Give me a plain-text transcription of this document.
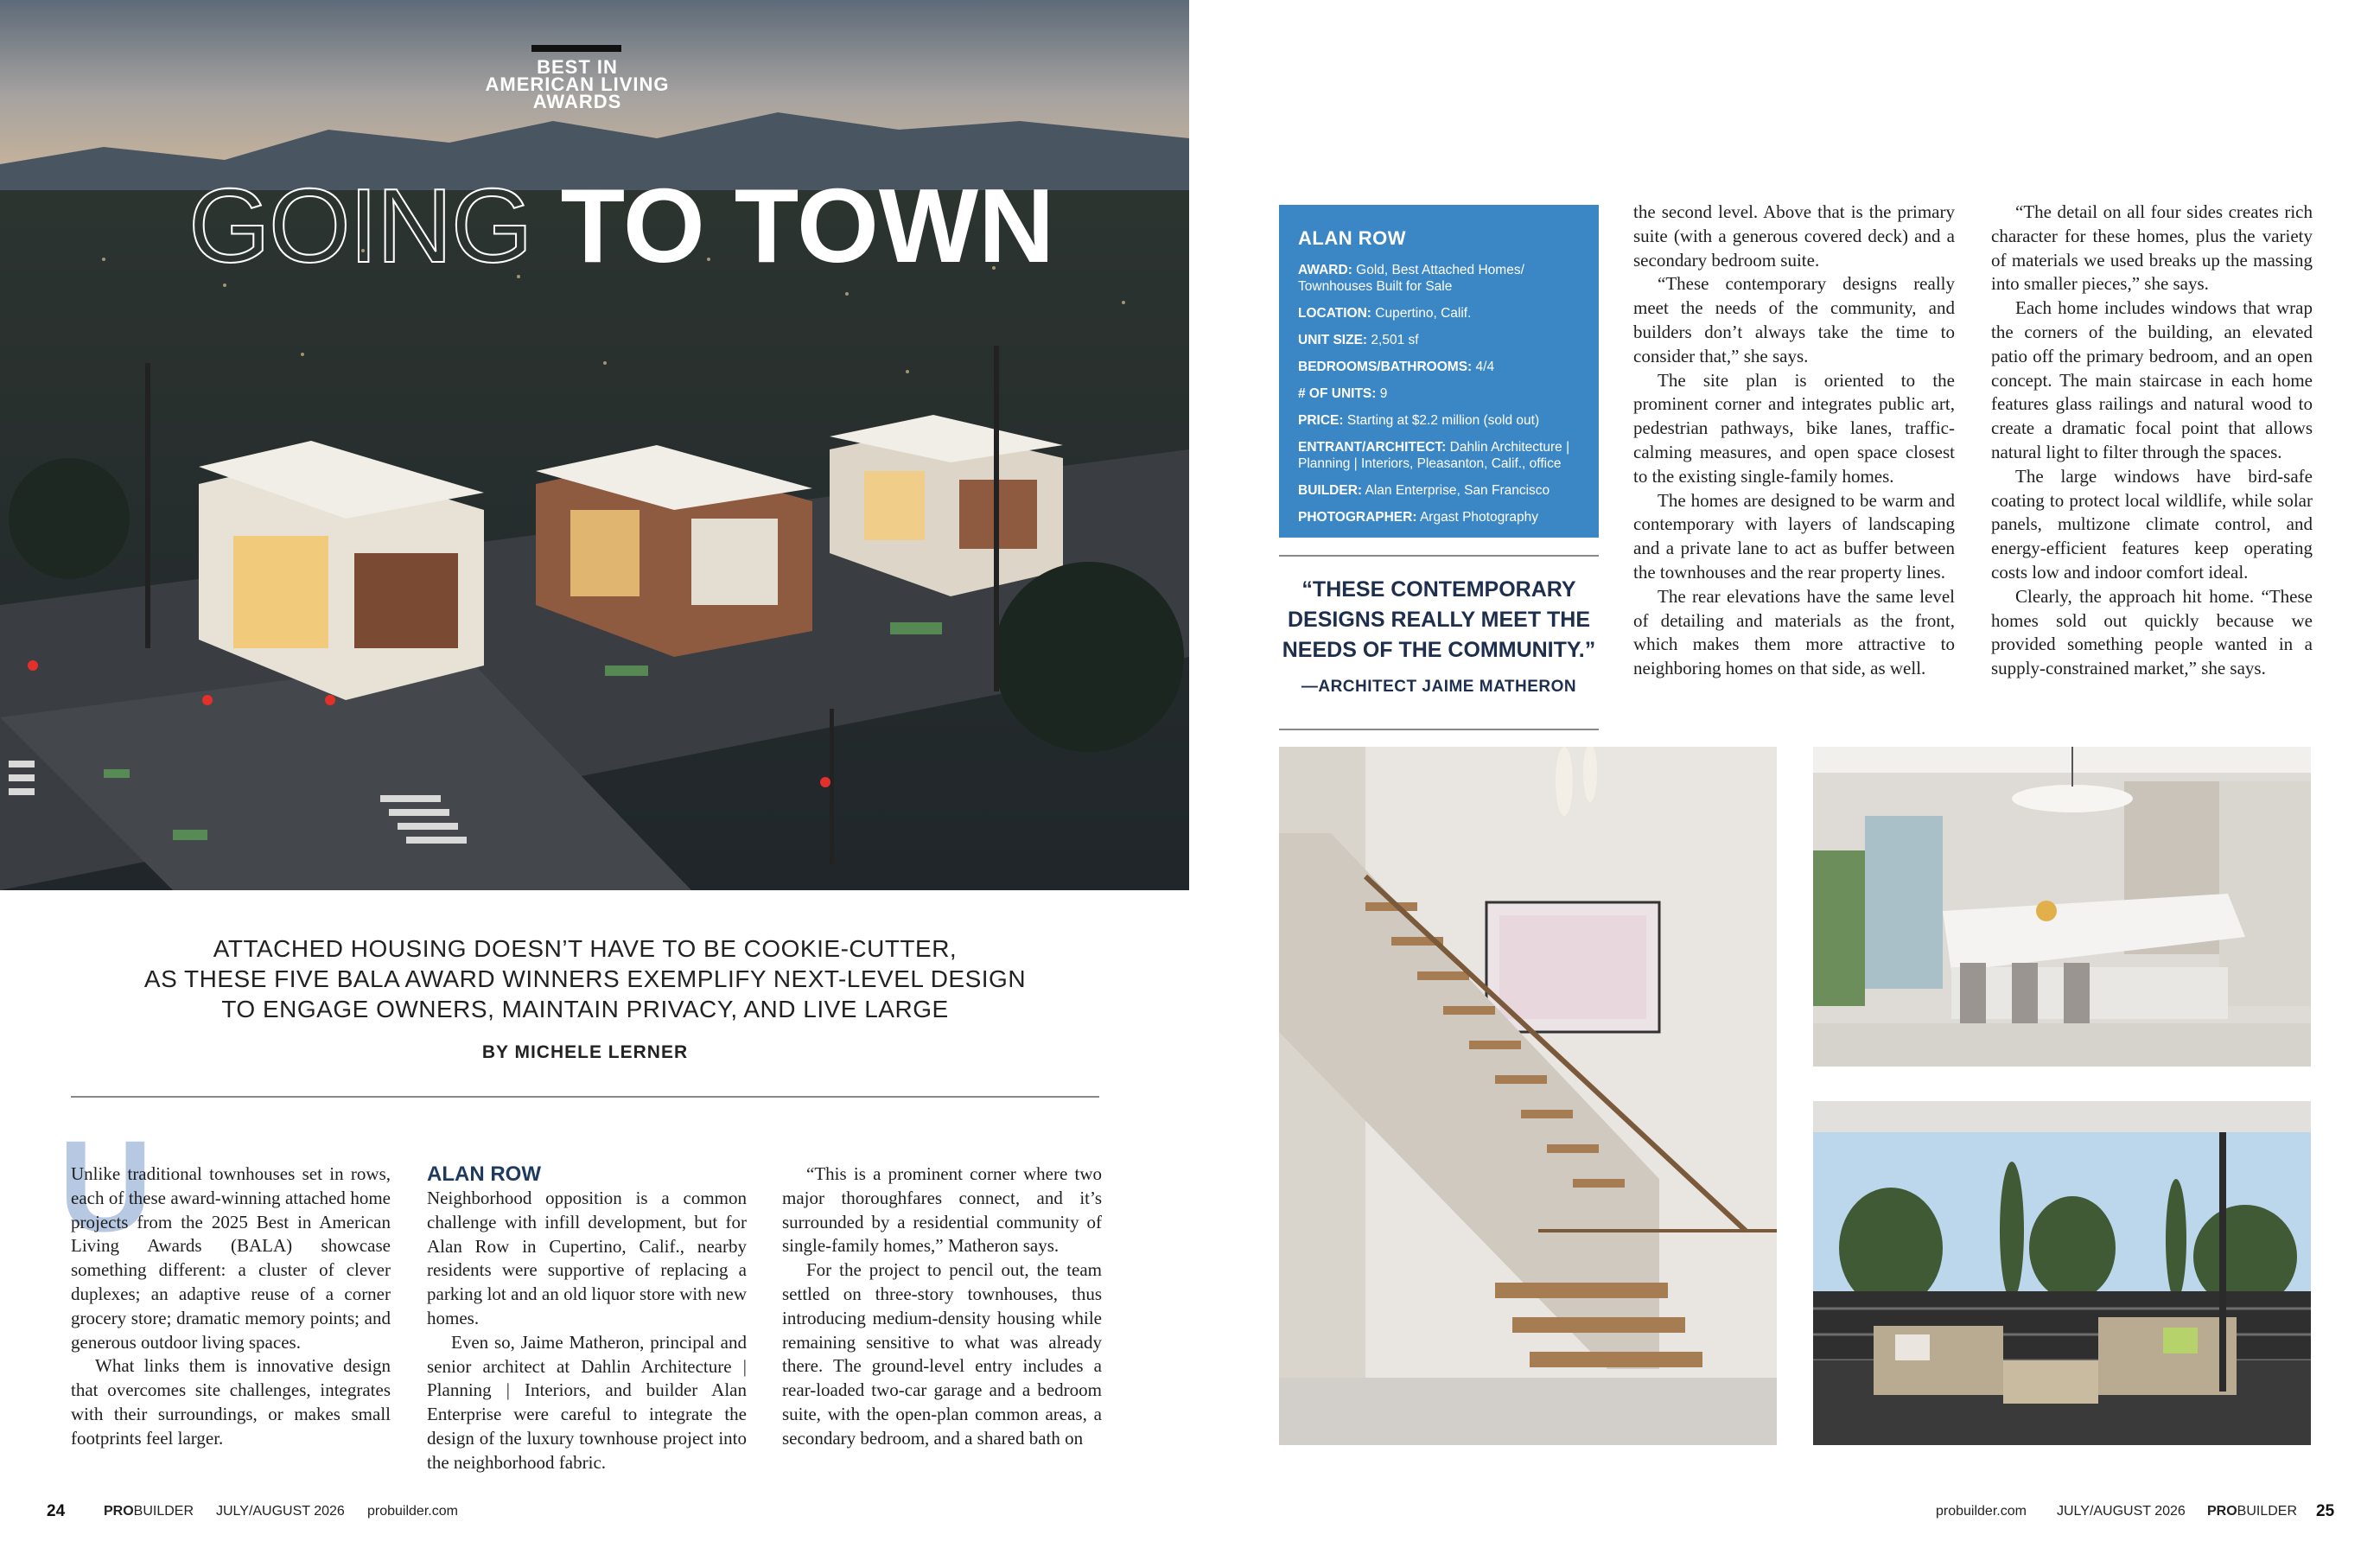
BEST IN
AMERICAN LIVING
AWARDS
GOING TO TOWN
ATTACHED HOUSING DOESN’T HAVE TO BE COOKIE-CUTTER,
AS THESE FIVE BALA AWARD WINNERS EXEMPLIFY NEXT-LEVEL DESIGN
TO ENGAGE OWNERS, MAINTAIN PRIVACY, AND LIVE LARGE
BY MICHELE LERNER
U

Unlike traditional townhouses set in rows, each of these award-winning attached home projects from the 2025 Best in American Living Awards (BALA) showcase something different: a cluster of clever duplexes; an adaptive reuse of a corner grocery store; dramatic memory points; and generous outdoor living spaces.

What links them is innovative design that overcomes site challenges, integrates with their surroundings, or makes small footprints feel larger.

ALAN ROW

Neighborhood opposition is a common challenge with infill development, but for Alan Row in Cupertino, Calif., nearby residents were supportive of replacing a parking lot and an old liquor store with new homes.

Even so, Jaime Matheron, principal and senior architect at Dahlin Architecture | Planning | Interiors, and builder Alan Enterprise were careful to integrate the design of the luxury townhouse project into the neighborhood fabric.

“This is a prominent corner where two major thoroughfares connect, and it’s surrounded by a residential community of single-family homes,” Matheron says.

For the project to pencil out, the team settled on three-story townhouses, thus introducing medium-density housing while remaining sensitive to what was already there. The ground-level entry includes a rear-loaded two-car garage and a bedroom suite, with the open-plan common areas, a secondary bedroom, and a shared bath on

24	PROBUILDER JULY/AUGUST 2026 probuilder.com
ALAN ROW
AWARD: Gold, Best Attached Homes/ Townhouses Built for Sale
LOCATION: Cupertino, Calif.
UNIT SIZE: 2,501 sf
BEDROOMS/BATHROOMS: 4/4
# OF UNITS: 9
PRICE: Starting at $2.2 million (sold out)
ENTRANT/ARCHITECT: Dahlin Architecture | Planning | Interiors, Pleasanton, Calif., office
BUILDER: Alan Enterprise, San Francisco
PHOTOGRAPHER: Argast Photography
“THESE CONTEMPORARY
DESIGNS REALLY MEET THE
NEEDS OF THE COMMUNITY.”
—ARCHITECT JAIME MATHERON

the second level. Above that is the primary suite (with a generous covered deck) and a secondary bedroom suite.

“These contemporary designs really meet the needs of the community, and builders don’t always take the time to consider that,” she says.

The site plan is oriented to the prominent corner and integrates public art, pedestrian pathways, bike lanes, traffic-calming measures, and open space closest to the existing single-family homes.

The homes are designed to be warm and contemporary with layers of landscaping and a private lane to act as buffer between the townhouses and the rear property lines.

The rear elevations have the same level of detailing and materials as the front, which makes them more attractive to neighboring homes on that side, as well.

“The detail on all four sides creates rich character for these homes, plus the variety of materials we used breaks up the massing into smaller pieces,” she says.

Each home includes windows that wrap the corners of the building, an elevated patio off the primary bedroom, and an open concept. The main staircase in each home features glass railings and natural wood to create a dramatic focal point that allows natural light to filter through the spaces.

The large windows have bird-safe coating to protect local wildlife, while solar panels, multizone climate control, and energy-efficient features keep operating costs low and indoor comfort ideal.

Clearly, the approach hit home. “These homes sold out quickly because we provided something people wanted in a supply-constrained market,” she says.

probuilder.com JULY/AUGUST 2026 PROBUILDER 25
